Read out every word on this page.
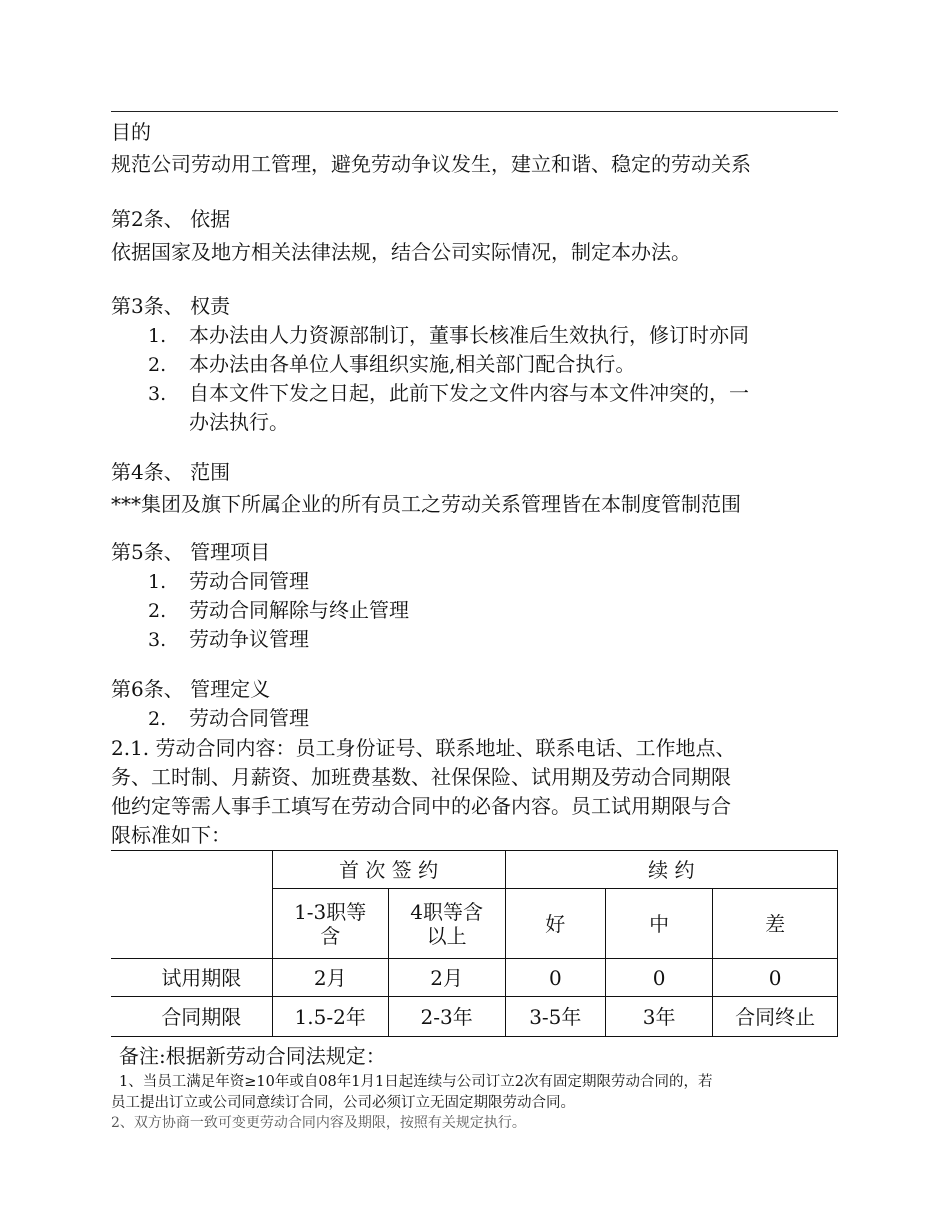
目的
规范公司劳动用工管理，避免劳动争议发生，建立和谐、稳定的劳动关系
第2条、 依据
依据国家及地方相关法律法规，结合公司实际情况，制定本办法。
第3条、 权责
1. 本办法由人力资源部制订，董事长核准后生效执行，修订时亦同
2. 本办法由各单位人事组织实施,相关部门配合执行。
3. 自本文件下发之日起，此前下发之文件内容与本文件冲突的，一
办法执行。
第4条、 范围
***集团及旗下所属企业的所有员工之劳动关系管理皆在本制度管制范围
第5条、 管理项目
1. 劳动合同管理
2. 劳动合同解除与终止管理
3. 劳动争议管理
第6条、 管理定义
2. 劳动合同管理
2.1. 劳动合同内容：员工身份证号、联系地址、联系电话、工作地点、
务、工时制、月薪资、加班费基数、社保保险、试用期及劳动合同期限
他约定等需人事手工填写在劳动合同中的必备内容。员工试用期限与合
限标准如下：
	首 次 签 约		续 约		
	1-3职等含	4职等含以上	好	中	差
试用期限	2月	2月	0	0	0
合同期限	1.5-2年	2-3年	3-5年	3年	合同终止
备注:根据新劳动合同法规定：
1、当员工满足年资≥10年或自08年1月1日起连续与公司订立2次有固定期限劳动合同的，若
员工提出订立或公司同意续订合同，公司必须订立无固定期限劳动合同。
2、双方协商一致可变更劳动合同内容及期限，按照有关规定执行。
